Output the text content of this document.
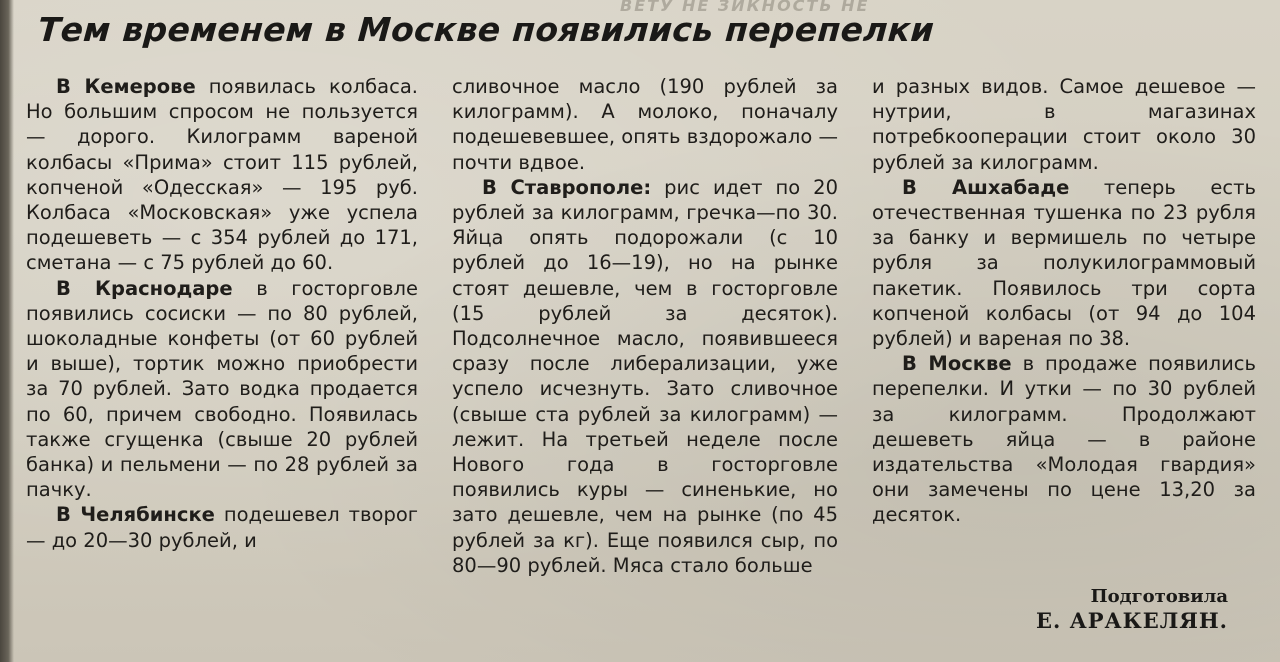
ВЕТУ НЕ ЗИКНОСТЬ НЕ
Тем временем в Москве появились перепелки

В Кемерове появилась колбаса. Но большим спросом не пользуется — дорого. Килограмм вареной колбасы «Прима» стоит 115 рублей, копченой «Одесская» — 195 руб. Колбаса «Московская» уже успела подешеветь — с 354 рублей до 171, сметана — с 75 рублей до 60.

В Краснодаре в госторговле появились сосиски — по 80 рублей, шоколадные конфеты (от 60 рублей и выше), тортик можно приобрести за 70 рублей. Зато водка продается по 60, причем свободно. Появилась также сгущенка (свыше 20 рублей банка) и пельмени — по 28 рублей за пачку.

В Челябинске подешевел творог — до 20—30 рублей, и

сливочное масло (190 рублей за килограмм). А молоко, поначалу подешевевшее, опять вздорожало — почти вдвое.

В Ставрополе: рис идет по 20 рублей за килограмм, гречка—по 30. Яйца опять подорожали (с 10 рублей до 16—19), но на рынке стоят дешевле, чем в госторговле (15 рублей за десяток). Подсолнечное масло, появившееся сразу после либерализации, уже успело исчезнуть. Зато сливочное (свыше ста рублей за килограмм) — лежит. На третьей неделе после Нового года в госторговле появились куры — синенькие, но зато дешевле, чем на рынке (по 45 рублей за кг). Еще появился сыр, по 80—90 рублей. Мяса стало больше

и разных видов. Самое дешевое — нутрии, в магазинах потребкооперации стоит около 30 рублей за килограмм.

В Ашхабаде теперь есть отечественная тушенка по 23 рубля за банку и вермишель по четыре рубля за полукилограммовый пакетик. Появилось три сорта копченой колбасы (от 94 до 104 рублей) и вареная по 38.

В Москве в продаже появились перепелки. И утки — по 30 рублей за килограмм. Продолжают дешеветь яйца — в районе издательства «Молодая гвардия» они замечены по цене 13,20 за десяток.

Подготовила
Е. АРАКЕЛЯН.
